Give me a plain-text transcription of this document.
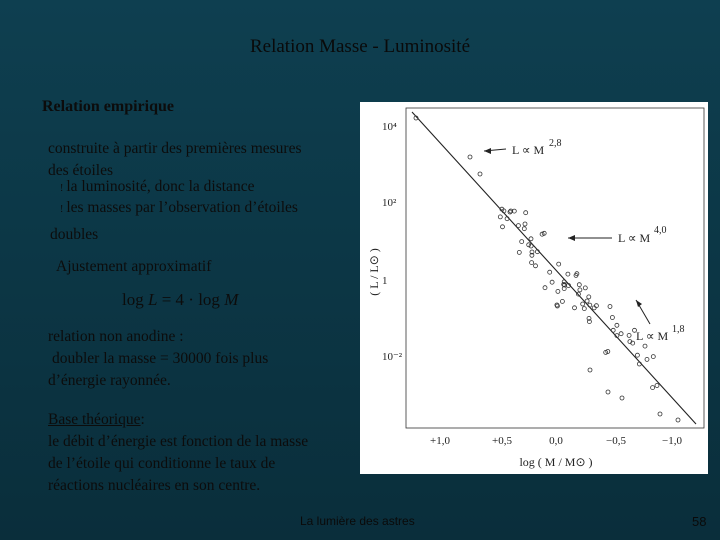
Relation Masse - Luminosité
Relation empirique
construite à partir des premières mesures
des étoiles
! la luminosité, donc la distance
! les masses par l’observation d’étoiles
doubles
Ajustement approximatif
log L = 4 · log M
relation non anodine :
doubler la masse = 30000 fois plus
d’énergie rayonnée.
Base théorique:
le débit d’énergie est fonction de la masse
de l’étoile qui conditionne le taux de
réactions nucléaires en son centre.
10⁴
10²
1
10⁻²
+1,0	+0,5	0,0	−0,5	−1,0
( L / L⊙ )
log ( M / M⊙ )
L ∝ M 2,8
L ∝ M
4,0
L ∝ M 1,8
La lumière des astres	58
